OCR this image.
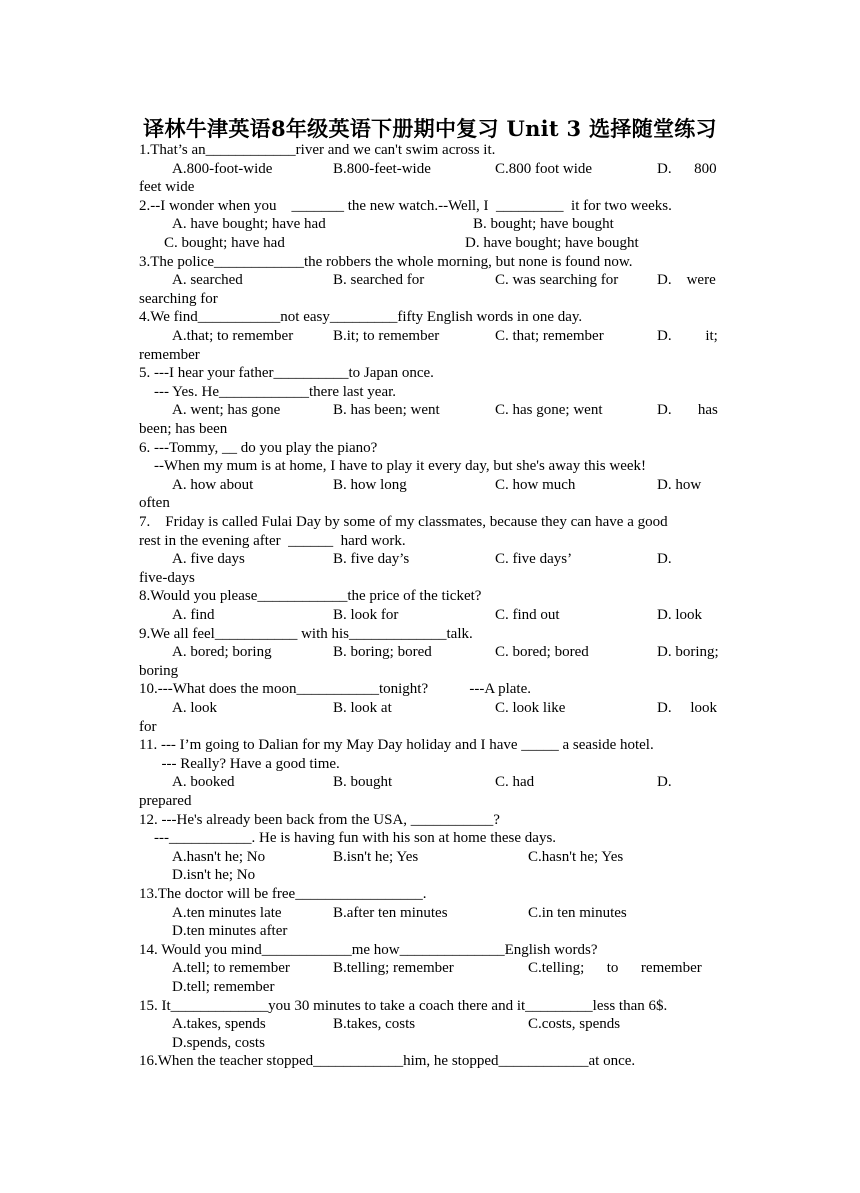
译林牛津英语8年级英语下册期中复习 Unit 3 选择随堂练习
1.That’s an____________river and we can't swim across it.
A.800-foot-wide	B.800-feet-wide	C.800 foot wide	D.      800
feet wide
2.--I wonder when you    _______ the new watch.--Well, I  _________  it for two weeks.
A. have bought; have had	B. bought; have bought
C. bought; have had	D. have bought; have bought
3.The police____________the robbers the whole morning, but none is found now.
A. searched	B. searched for	C. was searching for	D.    were
searching for
4.We find___________not easy_________fifty English words in one day.
A.that; to remember	B.it; to remember	C. that; remember	D.         it;
remember
5. ---I hear your father__________to Japan once.
--- Yes. He____________there last year.
A. went; has gone	B. has been; went	C. has gone; went	D.       has
been; has been
6. ---Tommy, __ do you play the piano?
--When my mum is at home, I have to play it every day, but she's away this week!
A. how about	B. how long	C. how much	D. how
often
7.    Friday is called Fulai Day by some of my classmates, because they can have a good
rest in the evening after  ______  hard work.
A. five days	B. five day’s	C. five days’	D.
five-days
8.Would you please____________the price of the ticket?
A. find	B. look for	C. find out	D. look
9.We all feel___________ with his_____________talk.
A. bored; boring	B. boring; bored	C. bored; bored	D. boring;
boring
10.---What does the moon___________tonight?           ---A plate.
A. look	B. look at	C. look like	D.     look
for
11. --- I’m going to Dalian for my May Day holiday and I have _____ a seaside hotel.
--- Really? Have a good time.
A. booked	B. bought	C. had	D.
prepared
12. ---He's already been back from the USA, ___________?
---___________. He is having fun with his son at home these days.
A.hasn't he; No	B.isn't he; Yes	C.hasn't he; Yes
D.isn't he; No
13.The doctor will be free_________________.
A.ten minutes late	B.after ten minutes	C.in ten minutes
D.ten minutes after
14. Would you mind____________me how______________English words?
A.tell; to remember	B.telling; remember	C.telling;      to      remember
D.tell; remember
15. It_____________you 30 minutes to take a coach there and it_________less than 6$.
A.takes, spends	B.takes, costs	C.costs, spends
D.spends, costs
16.When the teacher stopped____________him, he stopped____________at once.
